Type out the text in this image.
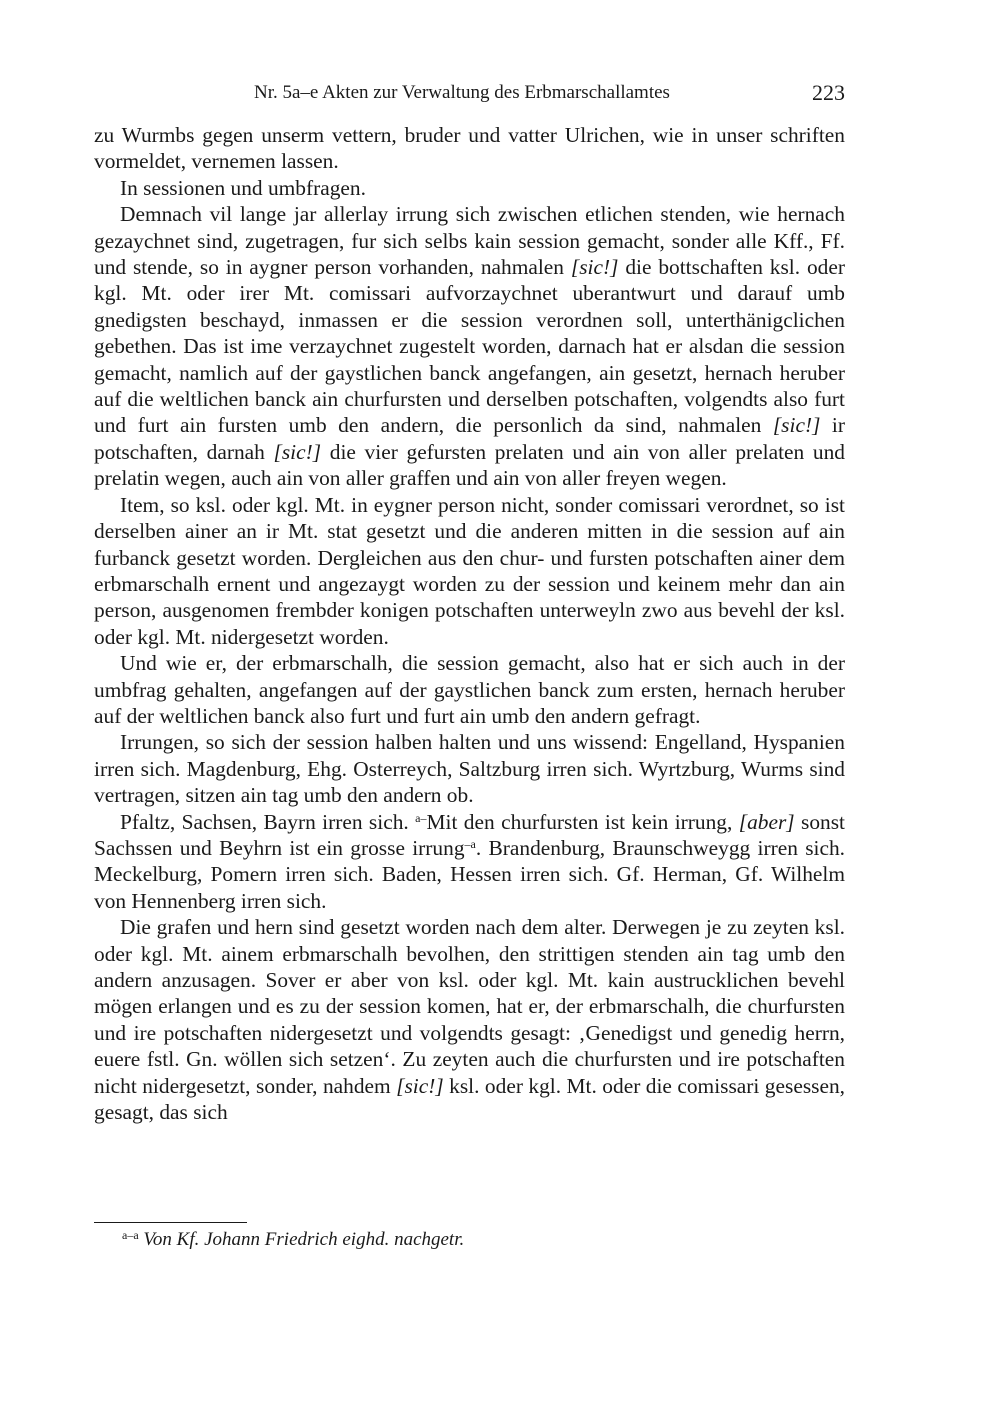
Nr. 5a–e Akten zur Verwaltung des Erbmarschallamtes	223

zu Wurmbs gegen unserm vettern, bruder und vatter Ulrichen, wie in unser schriften vormeldet, vernemen lassen.

In sessionen und umbfragen.

Demnach vil lange jar allerlay irrung sich zwischen etlichen stenden, wie hernach gezaychnet sind, zugetragen, fur sich selbs kain session gemacht, sonder alle Kff., Ff. und stende, so in aygner person vorhanden, nahmalen [sic!] die bottschaften ksl. oder kgl. Mt. oder irer Mt. comissari aufvorzaychnet uberantwurt und darauf umb gnedigsten beschayd, inmassen er die session verordnen soll, unterthänigclichen gebethen. Das ist ime verzaychnet zugestelt worden, darnach hat er alsdan die session gemacht, namlich auf der gaystlichen banck angefangen, ain gesetzt, hernach heruber auf die weltlichen banck ain churfursten und derselben potschaften, volgendts also furt und furt ain fursten umb den andern, die personlich da sind, nahmalen [sic!] ir potschaften, darnah [sic!] die vier gefursten prelaten und ain von aller prelaten und prelatin wegen, auch ain von aller graffen und ain von aller freyen wegen.

Item, so ksl. oder kgl. Mt. in eygner person nicht, sonder comissari verordnet, so ist derselben ainer an ir Mt. stat gesetzt und die anderen mitten in die session auf ain furbanck gesetzt worden. Dergleichen aus den chur- und fursten potschaften ainer dem erbmarschalh ernent und angezaygt worden zu der session und keinem mehr dan ain person, ausgenomen frembder konigen potschaften unterweyln zwo aus bevehl der ksl. oder kgl. Mt. nidergesetzt worden.

Und wie er, der erbmarschalh, die session gemacht, also hat er sich auch in der umbfrag gehalten, angefangen auf der gaystlichen banck zum ersten, hernach heruber auf der weltlichen banck also furt und furt ain umb den andern gefragt.

Irrungen, so sich der session halben halten und uns wissend: Engelland, Hyspanien irren sich. Magdenburg, Ehg. Osterreych, Saltzburg irren sich. Wyrtzburg, Wurms sind vertragen, sitzen ain tag umb den andern ob.

Pfaltz, Sachsen, Bayrn irren sich. $^{a-}$Mit den churfursten ist kein irrung, [aber] sonst Sachssen und Beyhrn ist ein grosse irrung$^{-a}$. Brandenburg, Braunschweygg irren sich. Meckelburg, Pomern irren sich. Baden, Hessen irren sich. Gf. Herman, Gf. Wilhelm von Hennenberg irren sich.

Die grafen und hern sind gesetzt worden nach dem alter. Derwegen je zu zeyten ksl. oder kgl. Mt. ainem erbmarschalh bevolhen, den strittigen stenden ain tag umb den andern anzusagen. Sover er aber von ksl. oder kgl. Mt. kain austrucklichen bevehl mögen erlangen und es zu der session komen, hat er, der erbmarschalh, die churfursten und ire potschaften nidergesetzt und volgendts gesagt: ‚Genedigst und genedig herrn, euere fstl. Gn. wöllen sich setzen‘. Zu zeyten auch die churfursten und ire potschaften nicht nidergesetzt, sonder, nahdem [sic!] ksl. oder kgl. Mt. oder die comissari gesessen, gesagt, das sich

$^{a-a}$ Von Kf. Johann Friedrich eighd. nachgetr.
